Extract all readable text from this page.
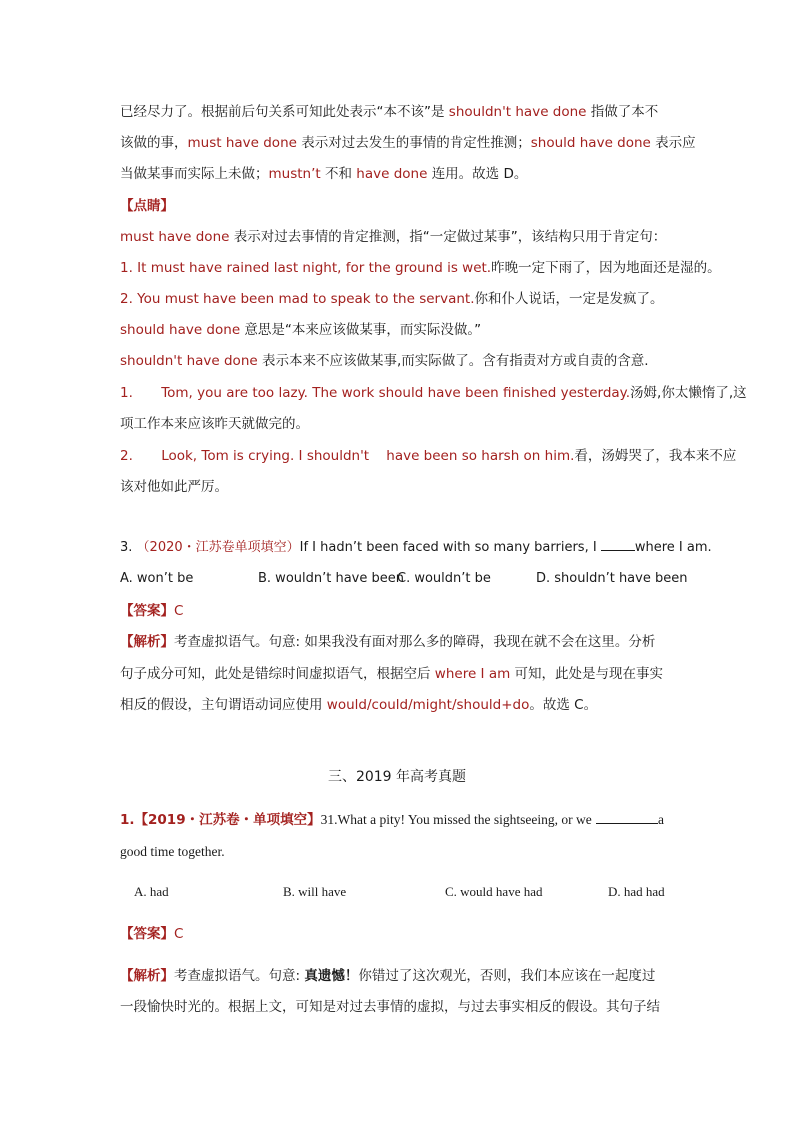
已经尽力了。根据前后句关系可知此处表示“本不该”是 shouldn't have done 指做了本不
该做的事，must have done 表示对过去发生的事情的肯定性推测；should have done 表示应
当做某事而实际上未做；mustn’t 不和 have done 连用。故选 D。
【点睛】
must have done 表示对过去事情的肯定推测，指“一定做过某事”，该结构只用于肯定句：
1. It must have rained last night, for the ground is wet.昨晚一定下雨了，因为地面还是湿的。
2. You must have been mad to speak to the servant.你和仆人说话，一定是发疯了。
should have done 意思是“本来应该做某事，而实际没做。”
shouldn't have done 表示本来不应该做某事,而实际做了。含有指责对方或自责的含意.
1. Tom, you are too lazy. The work should have been finished yesterday.汤姆,你太懒惰了,这
项工作本来应该昨天就做完的。
2. Look, Tom is crying. I shouldn't    have been so harsh on him.看，汤姆哭了，我本来不应
该对他如此严厉。
3. （2020・江苏卷单项填空）If I hadn’t been faced with so many barriers, I	where I am.
A. won’t be	B. wouldn’t have been
C. wouldn’t be	D. shouldn’t have been
【答案】C
【解析】考查虚拟语气。句意: 如果我没有面对那么多的障碍，我现在就不会在这里。分析
句子成分可知，此处是错综时间虚拟语气，根据空后 where I am 可知，此处是与现在事实
相反的假设，主句谓语动词应使用 would/could/might/should+do。故选 C。
三、2019 年高考真题
1.【2019・江苏卷・单项填空】31.What a pity! You missed the sightseeing, or we	a
good time together.
A. had	B. will have	C. would have had	D. had had
【答案】C
【解析】考查虚拟语气。句意: 真遗憾！你错过了这次观光，否则，我们本应该在一起度过
一段愉快时光的。根据上文，可知是对过去事情的虚拟，与过去事实相反的假设。其句子结
